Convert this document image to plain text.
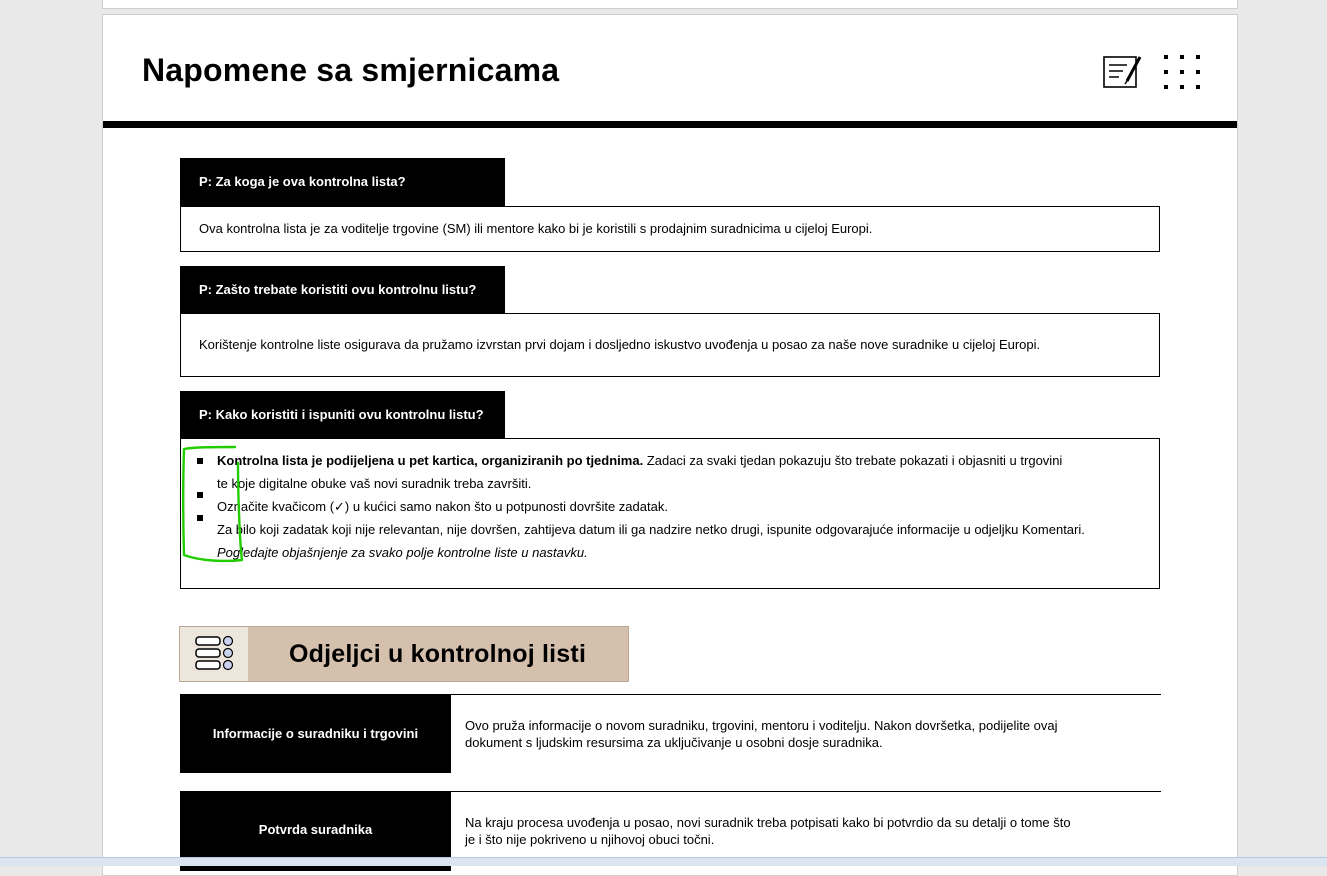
Napomene sa smjernicama
P: Za koga je ova kontrolna lista?
Ova kontrolna lista je za voditelje trgovine (SM) ili mentore kako bi je koristili s prodajnim suradnicima u cijeloj Europi.
P: Zašto trebate koristiti ovu kontrolnu listu?
Korištenje kontrolne liste osigurava da pružamo izvrstan prvi dojam i dosljedno iskustvo uvođenja u posao za naše nove suradnike u cijeloj Europi.
P: Kako koristiti i ispuniti ovu kontrolnu listu?
Kontrolna lista je podijeljena u pet kartica, organiziranih po tjednima. Zadaci za svaki tjedan pokazuju što trebate pokazati i objasniti u trgovini
te koje digitalne obuke vaš novi suradnik treba završiti.
Označite kvačicom (✓) u kućici samo nakon što u potpunosti dovršite zadatak.
Za bilo koji zadatak koji nije relevantan, nije dovršen, zahtijeva datum ili ga nadzire netko drugi, ispunite odgovarajuće informacije u odjeljku Komentari.
Pogledajte objašnjenje za svako polje kontrolne liste u nastavku.
Odjeljci u kontrolnoj listi
Informacije o suradniku i trgovini
Ovo pruža informacije o novom suradniku, trgovini, mentoru i voditelju. Nakon dovršetka, podijelite ovaj
dokument s ljudskim resursima za uključivanje u osobni dosje suradnika.
Potvrda suradnika	Na kraju procesa uvođenja u posao, novi suradnik treba potpisati kako bi potvrdio da su detalji o tome što
je i što nije pokriveno u njihovoj obuci točni.
